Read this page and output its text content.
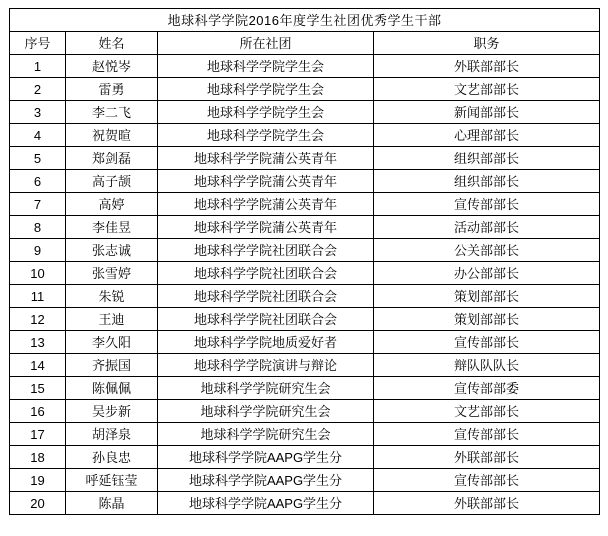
地球科学学院2016年度学生社团优秀学生干部			
序号	姓名	所在社团	职务
1	赵悦岑	地球科学学院学生会	外联部部长
2	雷勇	地球科学学院学生会	文艺部部长
3	李二飞	地球科学学院学生会	新闻部部长
4	祝贺暄	地球科学学院学生会	心理部部长
5	郑剑磊	地球科学学院蒲公英青年	组织部部长
6	高子颉	地球科学学院蒲公英青年	组织部部长
7	高婷	地球科学学院蒲公英青年	宣传部部长
8	李佳昱	地球科学学院蒲公英青年	活动部部长
9	张志诚	地球科学学院社团联合会	公关部部长
10	张雪婷	地球科学学院社团联合会	办公部部长
11	朱锐	地球科学学院社团联合会	策划部部长
12	王迪	地球科学学院社团联合会	策划部部长
13	李久阳	地球科学学院地质爱好者	宣传部部长
14	齐振国	地球科学学院演讲与辩论	辩队队队长
15	陈佩佩	地球科学学院研究生会	宣传部部委
16	吴步新	地球科学学院研究生会	文艺部部长
17	胡泽泉	地球科学学院研究生会	宣传部部长
18	孙良忠	地球科学学院AAPG学生分	外联部部长
19	呼延钰莹	地球科学学院AAPG学生分	宣传部部长
20	陈晶	地球科学学院AAPG学生分	外联部部长
